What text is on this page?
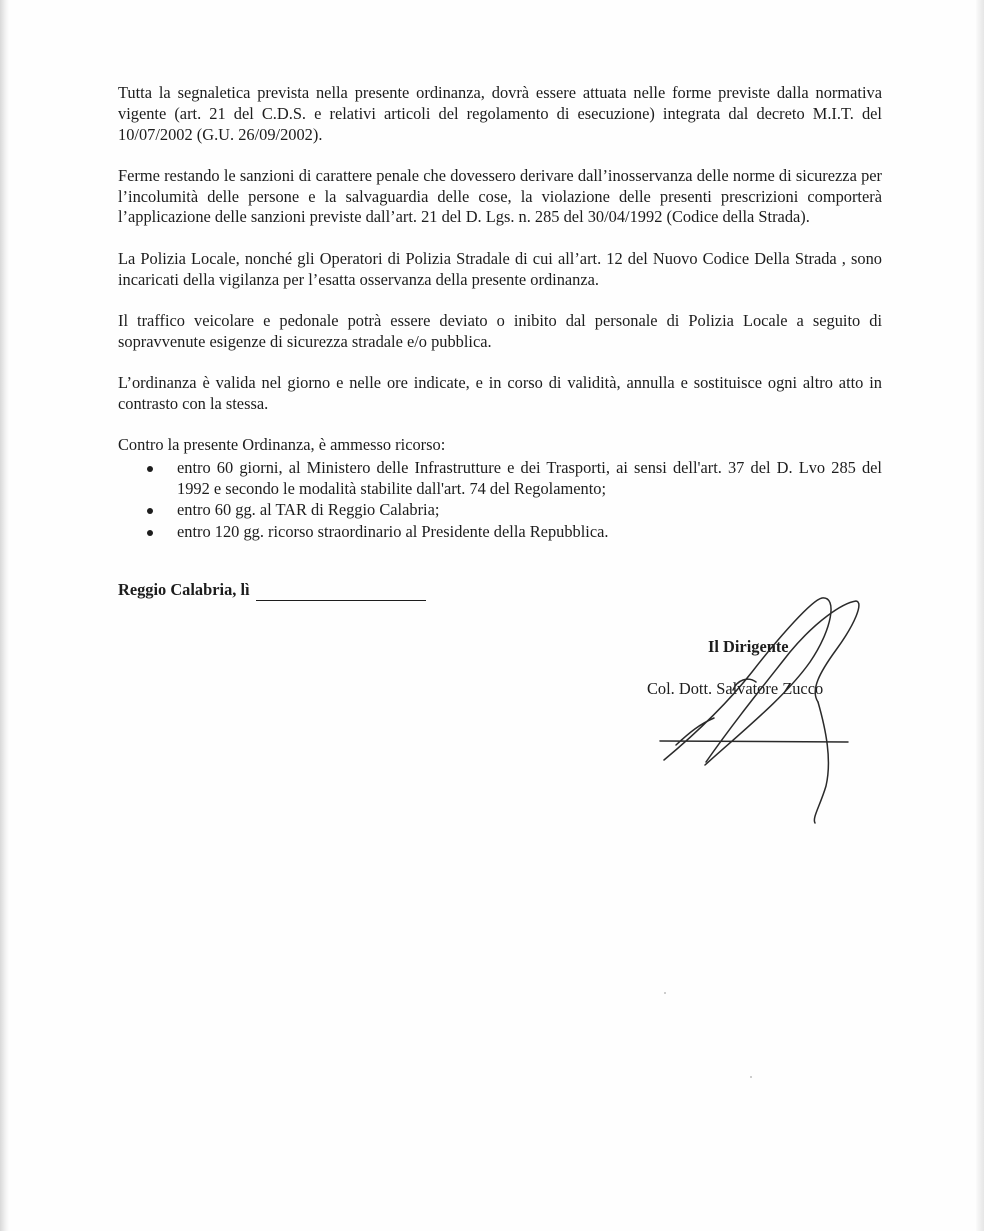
Tutta la segnaletica prevista nella presente ordinanza, dovrà essere attuata nelle forme previste dalla normativa vigente (art. 21 del C.D.S. e relativi articoli del regolamento di esecuzione) integrata dal decreto M.I.T. del 10/07/2002 (G.U. 26/09/2002).

Ferme restando le sanzioni di carattere penale che dovessero derivare dall’inosservanza delle norme di sicurezza per l’incolumità delle persone e la salvaguardia delle cose, la violazione delle presenti prescrizioni comporterà l’applicazione delle sanzioni previste dall’art. 21 del D. Lgs. n. 285 del 30/04/1992 (Codice della Strada).

La Polizia Locale, nonché gli Operatori di Polizia Stradale di cui all’art. 12 del Nuovo Codice Della Strada , sono incaricati della vigilanza per l’esatta osservanza della presente ordinanza.

Il traffico veicolare e pedonale potrà essere deviato o inibito dal personale di Polizia Locale a seguito di sopravvenute esigenze di sicurezza stradale e/o pubblica.

L’ordinanza è valida nel giorno e nelle ore indicate, e in corso di validità, annulla e sostituisce ogni altro atto in contrasto con la stessa.

Contro la presente Ordinanza, è ammesso ricorso:

entro 60 giorni, al Ministero delle Infrastrutture e dei Trasporti, ai sensi dell'art. 37 del D. Lvo 285 del 1992 e secondo le modalità stabilite dall'art. 74 del Regolamento;
entro 60 gg. al TAR di Reggio Calabria;
entro 120 gg. ricorso straordinario al Presidente della Repubblica.
Reggio Calabria, lì
Il Dirigente
Col. Dott. Salvatore Zucco
